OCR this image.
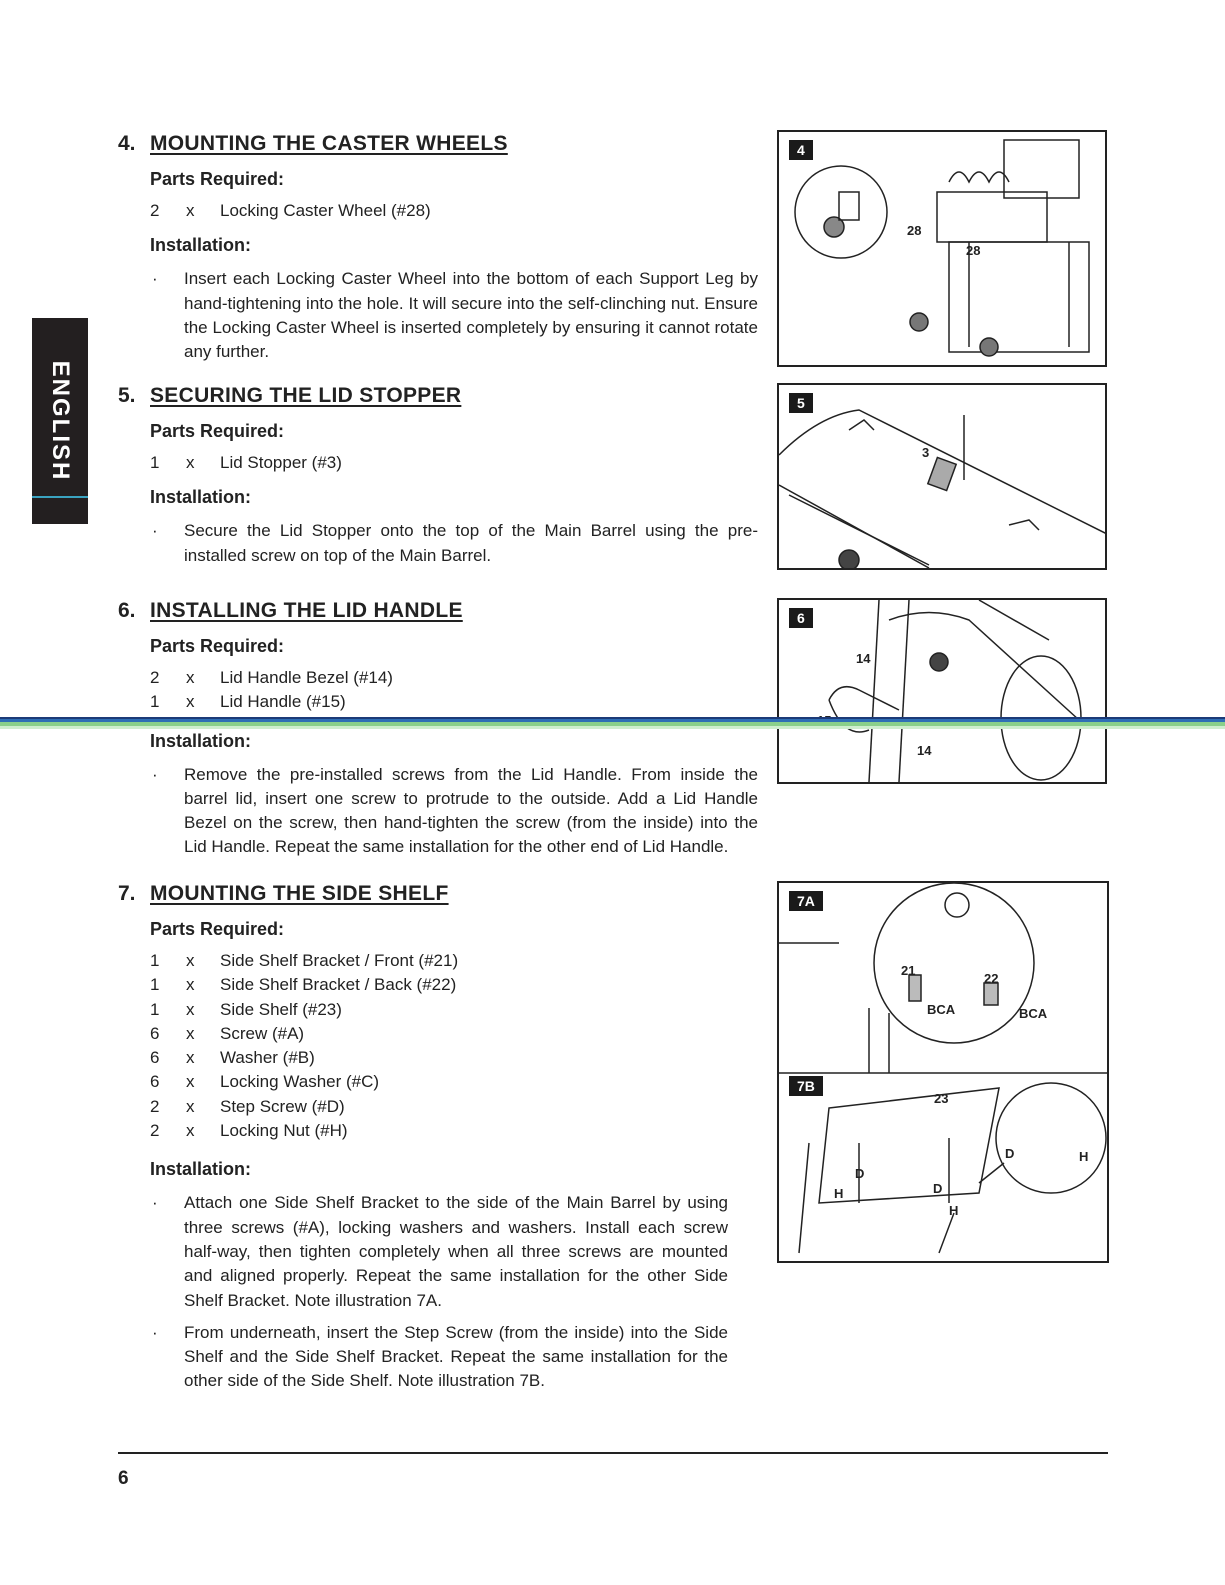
ENGLISH
4. MOUNTING THE CASTER WHEELS
Parts Required:
2	x	Locking Caster Wheel (#28)
Installation:
· Insert each Locking Caster Wheel into the bottom of each Support Leg by hand-tightening into the hole. It will secure into the self-clinching nut. Ensure the Locking Caster Wheel is inserted completely by ensuring it cannot rotate any further.
5. SECURING THE LID STOPPER
Parts Required:
1	x	Lid Stopper (#3)
Installation:
· Secure the Lid Stopper onto the top of the Main Barrel using the pre-installed screw on top of the Main Barrel.
6. INSTALLING THE LID HANDLE
Parts Required:
2	x	Lid Handle Bezel (#14)
1	x	Lid Handle (#15)
Installation:
· Remove the pre-installed screws from the Lid Handle. From inside the barrel lid, insert one screw to protrude to the outside. Add a Lid Handle Bezel on the screw, then hand-tighten the screw (from the inside) into the Lid Handle. Repeat the same installation for the other end of Lid Handle.
7. MOUNTING THE SIDE SHELF
Parts Required:
1	x	Side Shelf Bracket / Front (#21)
1	x	Side Shelf Bracket / Back (#22)
1	x	Side Shelf (#23)
6	x	Screw (#A)
6	x	Washer (#B)
6	x	Locking Washer (#C)
2	x	Step Screw (#D)
2	x	Locking Nut (#H)
Installation:
· Attach one Side Shelf Bracket to the side of the Main Barrel by using three screws (#A), locking washers and washers. Install each screw half-way, then tighten completely when all three screws are mounted and aligned properly. Repeat the same installation for the other Side Shelf Bracket. Note illustration 7A.
· From underneath, insert the Step Screw (from the inside) into the Side Shelf and the Side Shelf Bracket. Repeat the same installation for the other side of the Side Shelf. Note illustration 7B.
28
28
4
3
5
14
14
6
21
22
BCA	BCA
23
D
D
D
H
H
H
7A
7B
6
